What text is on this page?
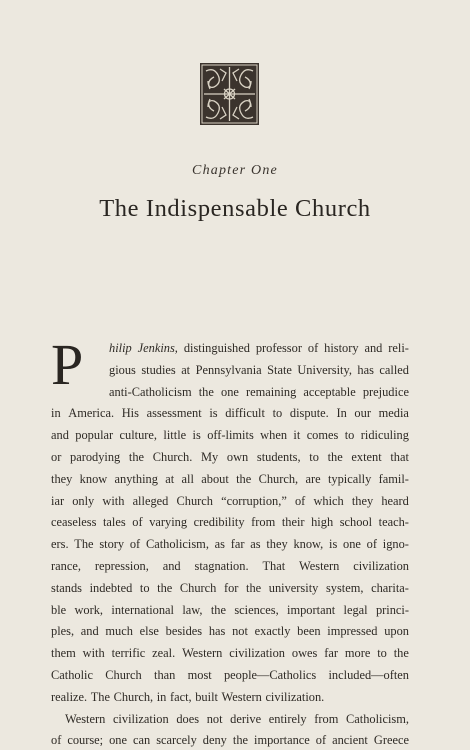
Chapter One
The Indispensable Church
P hilip Jenkins, distinguished professor of history and reli-
gious studies at Pennsylvania State University, has called
anti-Catholicism the one remaining acceptable prejudice
in America. His assessment is difficult to dispute. In our media
and popular culture, little is off-limits when it comes to ridiculing
or parodying the Church. My own students, to the extent that
they know anything at all about the Church, are typically famil-
iar only with alleged Church “corruption,” of which they heard
ceaseless tales of varying credibility from their high school teach-
ers. The story of Catholicism, as far as they know, is one of igno-
rance, repression, and stagnation. That Western civilization
stands indebted to the Church for the university system, charita-
ble work, international law, the sciences, important legal princi-
ples, and much else besides has not exactly been impressed upon
them with terrific zeal. Western civilization owes far more to the
Catholic Church than most people—Catholics included—often
realize. The Church, in fact, built Western civilization.
Western civilization does not derive entirely from Catholicism,
of course; one can scarcely deny the importance of ancient Greece
